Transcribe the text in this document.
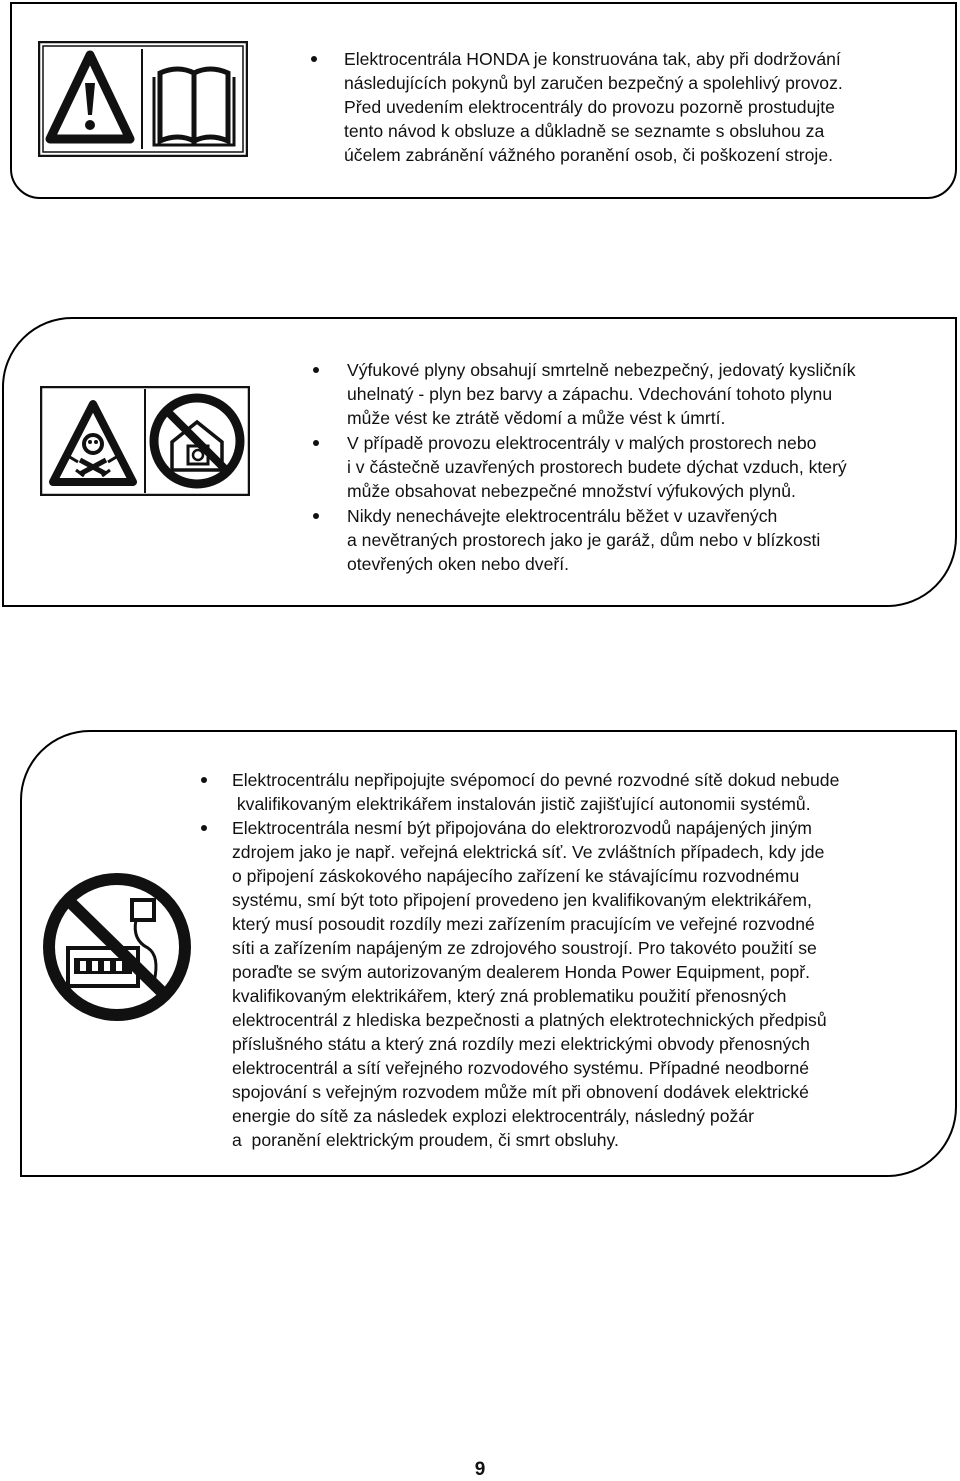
Elektrocentrála HONDA je konstruována tak, aby při dodržování
následujících pokynů byl zaručen bezpečný a spolehlivý provoz.
Před uvedením elektrocentrály do provozu pozorně prostudujte
tento návod k obsluze a důkladně se seznamte s obsluhou za
účelem zabránění vážného poranění osob, či poškození stroje.
Výfukové plyny obsahují smrtelně nebezpečný, jedovatý kysličník
uhelnatý - plyn bez barvy a zápachu. Vdechování tohoto plynu
může vést ke ztrátě vědomí a může vést k úmrtí.
V případě provozu elektrocentrály v malých prostorech nebo
i v částečně uzavřených prostorech budete dýchat vzduch, který
může obsahovat nebezpečné množství výfukových plynů.
Nikdy nenechávejte elektrocentrálu běžet v uzavřených
a nevětraných prostorech jako je garáž, dům nebo v blízkosti
otevřených oken nebo dveří.
Elektrocentrálu nepřipojujte svépomocí do pevné rozvodné sítě dokud nebude
kvalifikovaným elektrikářem instalován jistič zajišťující autonomii systémů.
Elektrocentrála nesmí být připojována do elektrorozvodů napájených jiným
zdrojem jako je např. veřejná elektrická síť. Ve zvláštních případech, kdy jde
o připojení záskokového napájecího zařízení ke stávajícímu rozvodnému
systému, smí být toto připojení provedeno jen kvalifikovaným elektrikářem,
který musí posoudit rozdíly mezi zařízením pracujícím ve veřejné rozvodné
síti a zařízením napájeným ze zdrojového soustrojí. Pro takovéto použití se
poraďte se svým autorizovaným dealerem Honda Power Equipment, popř.
kvalifikovaným elektrikářem, který zná problematiku použití přenosných
elektrocentrál z hlediska bezpečnosti a platných elektrotechnických předpisů
příslušného státu a který zná rozdíly mezi elektrickými obvody přenosných
elektrocentrál a sítí veřejného rozvodového systému. Případné neodborné
spojování s veřejným rozvodem může mít při obnovení dodávek elektrické
energie do sítě za následek explozi elektrocentrály, následný požár
a  poranění elektrickým proudem, či smrt obsluhy.
9
